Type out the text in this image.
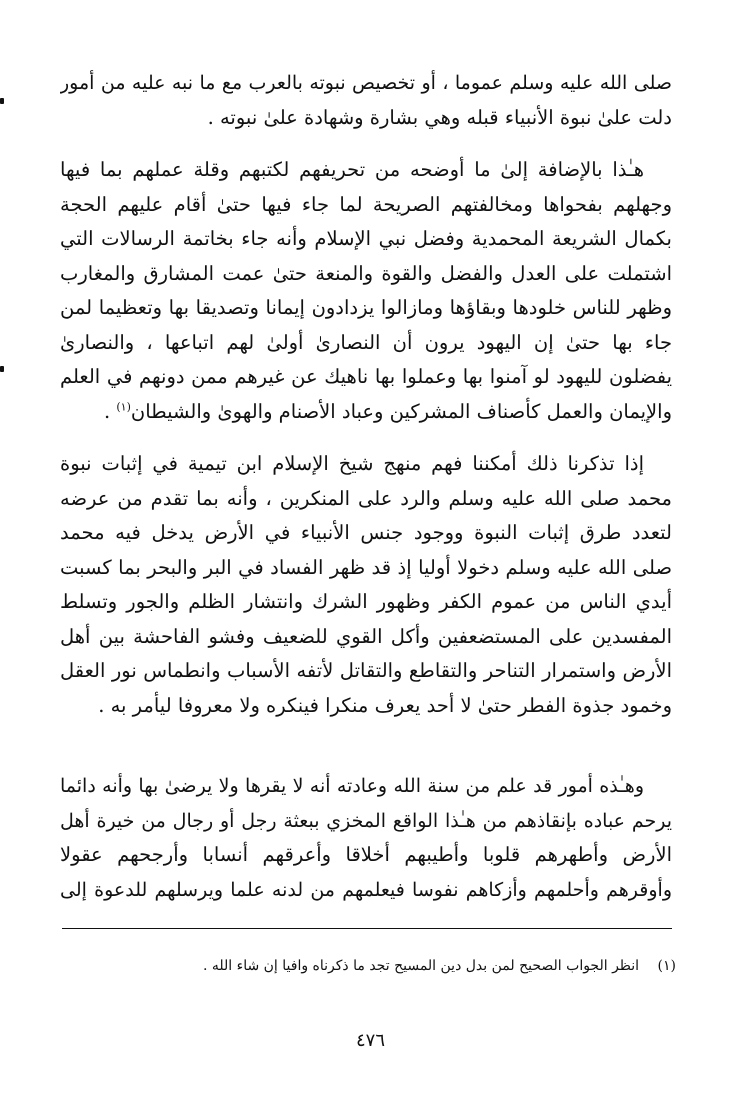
صلى الله عليه وسلم عموما ، أو تخصيص نبوته بالعرب مع ما نبه عليه من أمور
دلت علىٰ نبوة الأنبياء قبله وهي بشارة وشهادة علىٰ نبوته .

هـٰذا بالإضافة إلىٰ ما أوضحه من تحريفهم لكتبهم وقلة عملهم بما فيها
وجهلهم بفحواها ومخالفتهم الصريحة لما جاء فيها حتىٰ أقام عليهم الحجة
بكمال الشريعة المحمدية وفضل نبي الإسلام وأنه جاء بخاتمة الرسالات التي
اشتملت على العدل والفضل والقوة والمنعة حتىٰ عمت المشارق والمغارب
وظهر للناس خلودها وبقاؤها ومازالوا يزدادون إيمانا وتصديقا بها وتعظيما لمن
جاء بها حتىٰ إن اليهود يرون أن النصارىٰ أولىٰ لهم اتباعها ، والنصارىٰ
يفضلون لليهود لو آمنوا بها وعملوا بها ناهيك عن غيرهم ممن دونهم في العلم
والإيمان والعمل كأصناف المشركين وعباد الأصنام والهوىٰ والشيطان$^{(١)}$ .

إذا تذكرنا ذلك أمكننا فهم منهج شيخ الإسلام ابن تيمية في إثبات نبوة
محمد صلى الله عليه وسلم والرد على المنكرين ، وأنه بما تقدم من عرضه
لتعدد طرق إثبات النبوة ووجود جنس الأنبياء في الأرض يدخل فيه محمد
صلى الله عليه وسلم دخولا أوليا إذ قد ظهر الفساد في البر والبحر بما كسبت
أيدي الناس من عموم الكفر وظهور الشرك وانتشار الظلم والجور وتسلط
المفسدين على المستضعفين وأكل القوي للضعيف وفشو الفاحشة بين أهل
الأرض واستمرار التناحر والتقاطع والتقاتل لأتفه الأسباب وانطماس نور العقل
وخمود جذوة الفطر حتىٰ لا أحد يعرف منكرا فينكره ولا معروفا ليأمر به .

وهـٰذه أمور قد علم من سنة الله وعادته أنه لا يقرها ولا يرضىٰ بها وأنه دائما
يرحم عباده بإنقاذهم من هـٰذا الواقع المخزي ببعثة رجل أو رجال من خيرة أهل
الأرض وأطهرهم قلوبا وأطيبهم أخلاقا وأعرقهم أنسابا وأرجحهم عقولا
وأوقرهم وأحلمهم وأزكاهم نفوسا فيعلمهم من لدنه علما ويرسلهم للدعوة إلى

(١) انظر الجواب الصحيح لمن بدل دين المسيح تجد ما ذكرناه وافيا إن شاء الله .
٤٧٦
